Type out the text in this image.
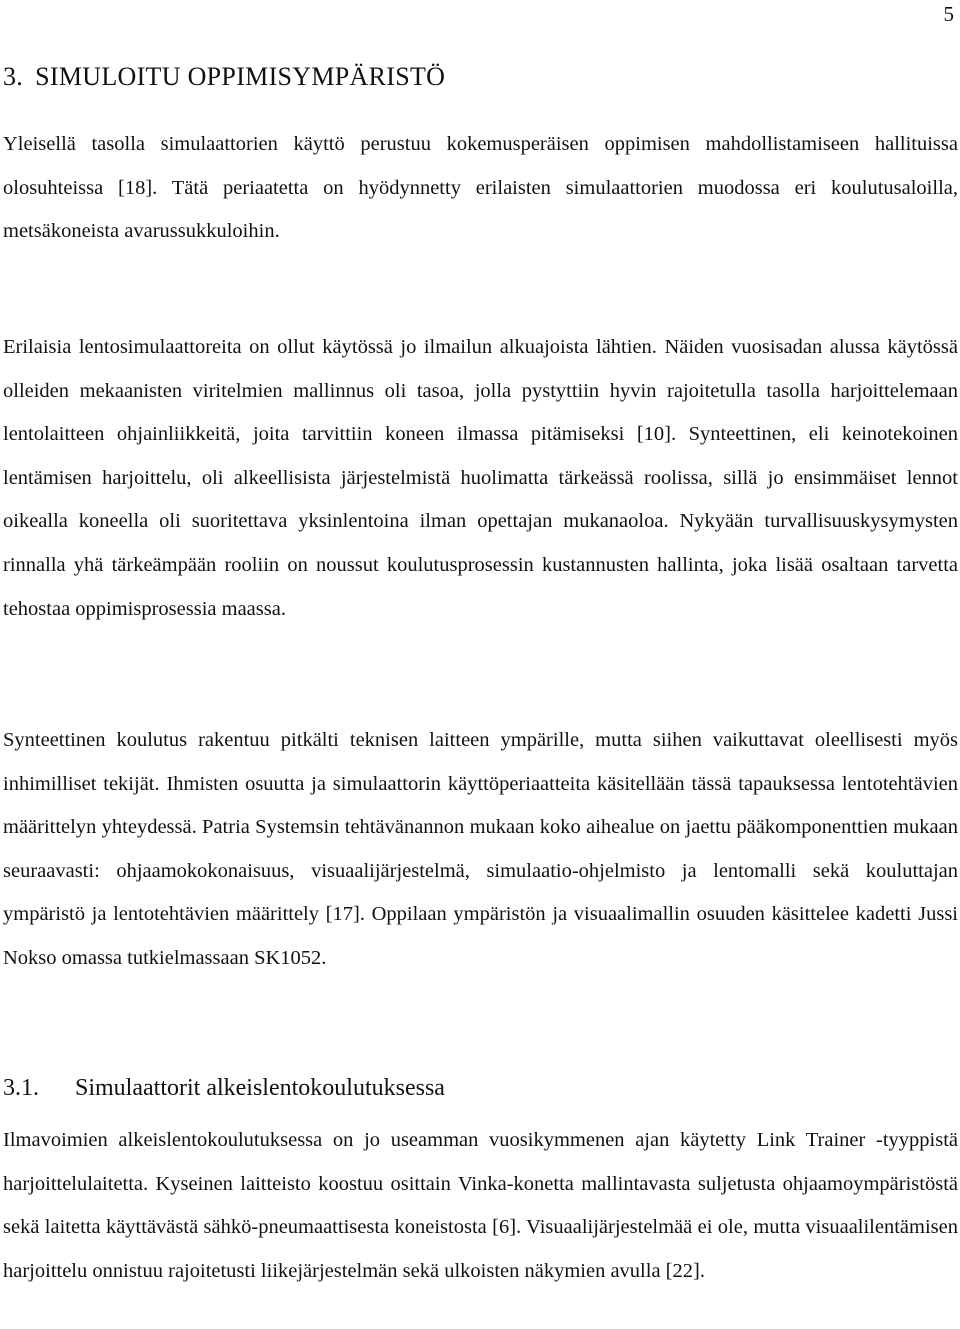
5
3. SIMULOITU OPPIMISYMPÄRISTÖ

Yleisellä tasolla simulaattorien käyttö perustuu kokemusperäisen oppimisen mahdollistamiseen hallituissa olosuhteissa [18]. Tätä periaatetta on hyödynnetty erilaisten simulaattorien muodossa eri koulutusaloilla, metsäkoneista avarussukkuloihin.

Erilaisia lentosimulaattoreita on ollut käytössä jo ilmailun alkuajoista lähtien. Näiden vuosisadan alussa käytössä olleiden mekaanisten viritelmien mallinnus oli tasoa, jolla pystyttiin hyvin rajoitetulla tasolla harjoittelemaan lentolaitteen ohjainliikkeitä, joita tarvittiin koneen ilmassa pitämiseksi [10]. Synteettinen, eli keinotekoinen lentämisen harjoittelu, oli alkeellisista järjestelmistä huolimatta tärkeässä roolissa, sillä jo ensimmäiset lennot oikealla koneella oli suoritettava yksinlentoina ilman opettajan mukanaoloa. Nykyään turvallisuuskysymysten rinnalla yhä tärkeämpään rooliin on noussut koulutusprosessin kustannusten hallinta, joka lisää osaltaan tarvetta tehostaa oppimisprosessia maassa.

Synteettinen koulutus rakentuu pitkälti teknisen laitteen ympärille, mutta siihen vaikuttavat oleellisesti myös inhimilliset tekijät. Ihmisten osuutta ja simulaattorin käyttöperiaatteita käsitellään tässä tapauksessa lentotehtävien määrittelyn yhteydessä. Patria Systemsin tehtävänannon mukaan koko aihealue on jaettu pääkomponenttien mukaan seuraavasti: ohjaamokokonaisuus, visuaalijärjestelmä, simulaatio-ohjelmisto ja lentomalli sekä kouluttajan ympäristö ja lentotehtävien määrittely [17]. Oppilaan ympäristön ja visuaalimallin osuuden käsittelee kadetti Jussi Nokso omassa tutkielmassaan SK1052.

3.1. Simulaattorit alkeislentokoulutuksessa

Ilmavoimien alkeislentokoulutuksessa on jo useamman vuosikymmenen ajan käytetty Link Trainer -tyyppistä harjoittelulaitetta. Kyseinen laitteisto koostuu osittain Vinka-konetta mallintavasta suljetusta ohjaamoympäristöstä sekä laitetta käyttävästä sähkö-pneumaattisesta koneistosta [6]. Visuaalijärjestelmää ei ole, mutta visuaalilentämisen harjoittelu onnistuu rajoitetusti liikejärjestelmän sekä ulkoisten näkymien avulla [22].
